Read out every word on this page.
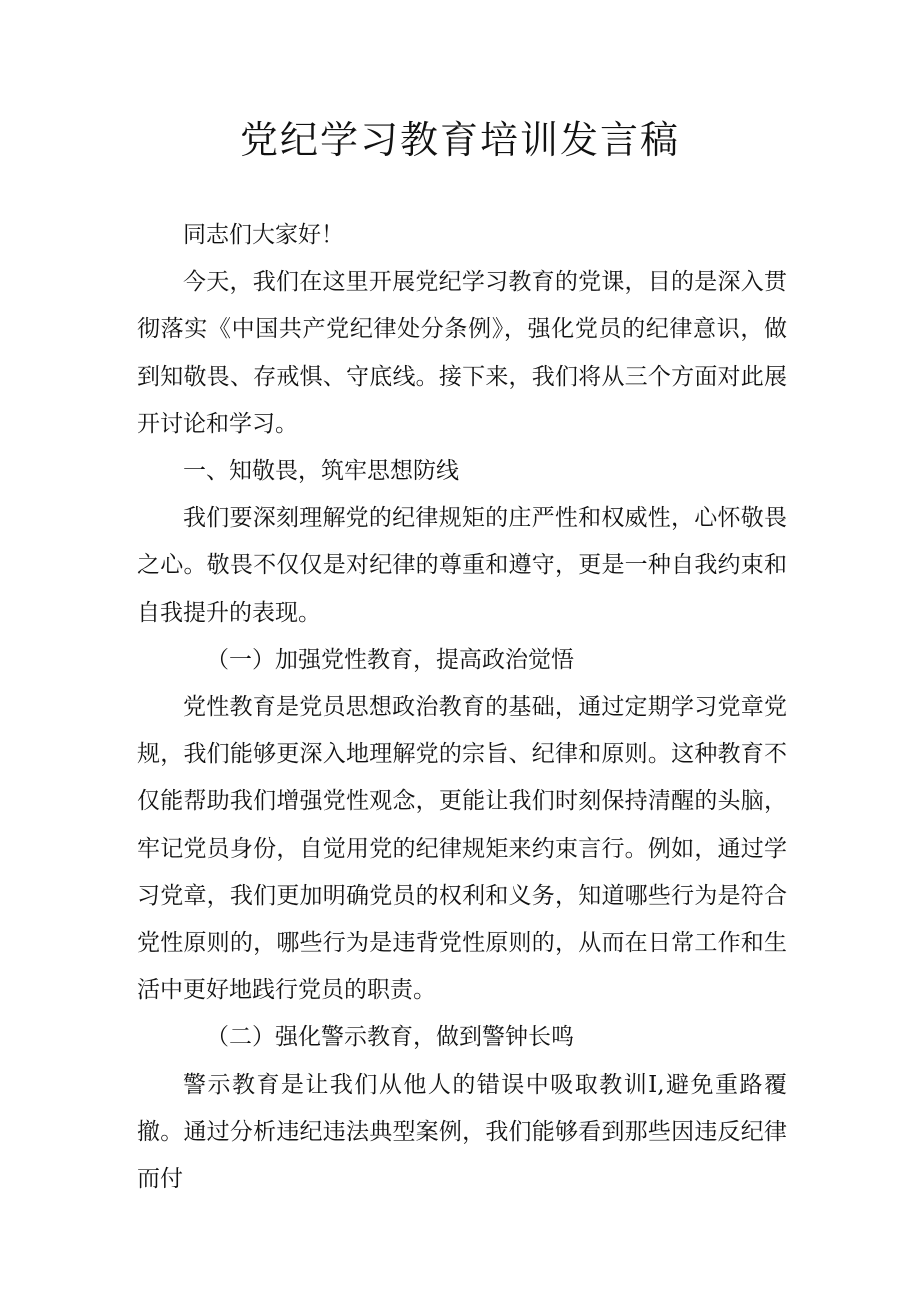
党纪学习教育培训发言稿

同志们大家好！

今天，我们在这里开展党纪学习教育的党课，目的是深入贯彻落实《中国共产党纪律处分条例》，强化党员的纪律意识，做到知敬畏、存戒惧、守底线。接下来，我们将从三个方面对此展开讨论和学习。

一、知敬畏，筑牢思想防线

我们要深刻理解党的纪律规矩的庄严性和权威性，心怀敬畏之心。敬畏不仅仅是对纪律的尊重和遵守，更是一种自我约束和自我提升的表现。

（一）加强党性教育，提高政治觉悟

党性教育是党员思想政治教育的基础，通过定期学习党章党规，我们能够更深入地理解党的宗旨、纪律和原则。这种教育不仅能帮助我们增强党性观念，更能让我们时刻保持清醒的头脑，牢记党员身份，自觉用党的纪律规矩来约束言行。例如，通过学习党章，我们更加明确党员的权利和义务，知道哪些行为是符合党性原则的，哪些行为是违背党性原则的，从而在日常工作和生活中更好地践行党员的职责。

（二）强化警示教育，做到警钟长鸣

警示教育是让我们从他人的错误中吸取教训I,避免重路覆撤。通过分析违纪违法典型案例，我们能够看到那些因违反纪律而付
